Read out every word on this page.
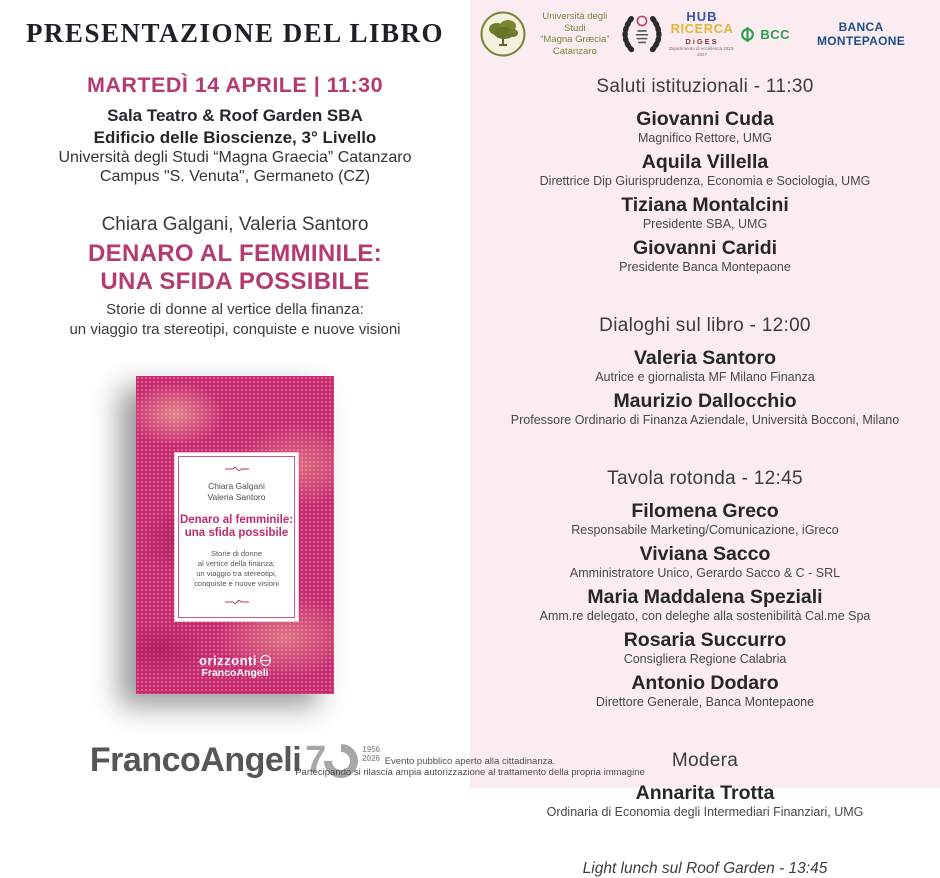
PRESENTAZIONE DEL LIBRO
MARTEDÌ 14 APRILE | 11:30
Sala Teatro & Roof Garden SBA
Edificio delle Bioscienze, 3° Livello
Università degli Studi “Magna Graecia” Catanzaro
Campus "S. Venuta", Germaneto (CZ)
Chiara Galgani, Valeria Santoro
DENARO AL FEMMINILE:
UNA SFIDA POSSIBILE
Storie di donne al vertice della finanza:
un viaggio tra stereotipi, conquiste e nuove visioni
Chiara Galgani
Valeria Santoro
Denaro al femminile:
una sfida possibile
Storie di donne
al vertice della finanza:
un viaggio tra stereotipi,
conquiste e nuove visioni
orizzonti
FrancoAngeli
FrancoAngeli 7	1956
2026
Università degli Studi
“Magna Græcia”
Catanzaro
HUB
RICERCA
DiGES
Dipartimento di eccellenza 2023-2027
BCC	BANCA MONTEPAONE
Saluti istituzionali - 11:30
Giovanni Cuda
Magnifico Rettore, UMG
Aquila Villella
Direttrice Dip Giurisprudenza, Economia e Sociologia, UMG
Tiziana Montalcini
Presidente SBA, UMG
Giovanni Caridi
Presidente Banca Montepaone
Dialoghi sul libro - 12:00
Valeria Santoro
Autrice e giornalista MF Milano Finanza
Maurizio Dallocchio
Professore Ordinario di Finanza Aziendale, Università Bocconi, Milano
Tavola rotonda - 12:45
Filomena Greco
Responsabile Marketing/Comunicazione, iGreco
Viviana Sacco
Amministratore Unico, Gerardo Sacco & C - SRL
Maria Maddalena Speziali
Amm.re delegato, con deleghe alla sostenibilità Cal.me Spa
Rosaria Succurro
Consigliera Regione Calabria
Antonio Dodaro
Direttore Generale, Banca Montepaone
Modera
Annarita Trotta
Ordinaria di Economia degli Intermediari Finanziari, UMG
Light lunch sul Roof Garden - 13:45
Evento pubblico aperto alla cittadinanza.
Partecipando si rilascia ampia autorizzazione al trattamento della propria immagine
